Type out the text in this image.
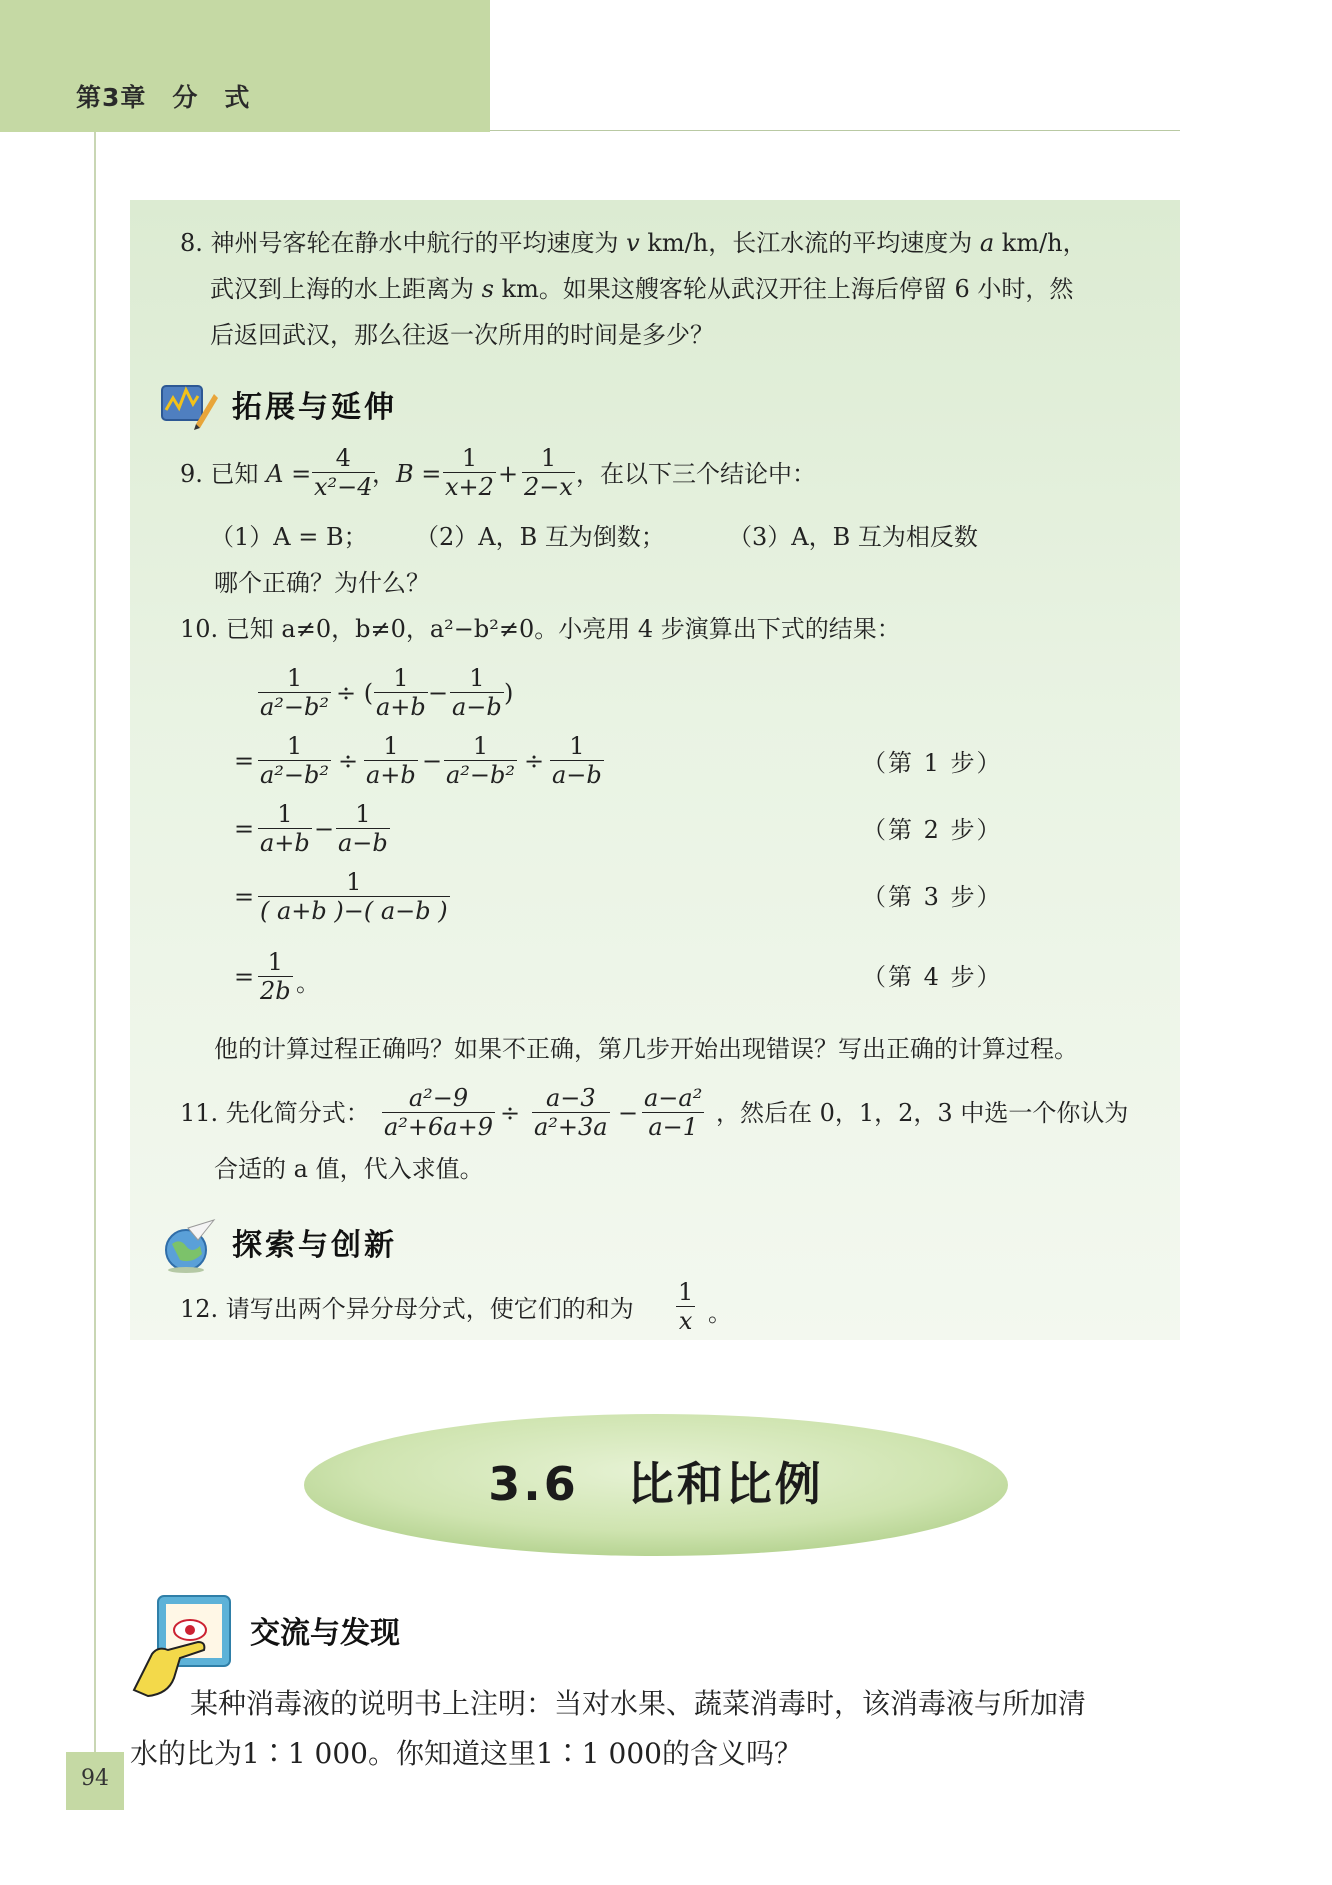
第3章　分　式
8. 神州号客轮在静水中航行的平均速度为 v km/h，长江水流的平均速度为 a km/h，
武汉到上海的水上距离为 s km。如果这艘客轮从武汉开往上海后停留 6 小时，然
后返回武汉，那么往返一次所用的时间是多少？
拓展与延伸
9. 已知 A =
4
x²−4 ，B =
1
x+2 +
1
2−x ，在以下三个结论中：
（1）A = B； （2）A，B 互为倒数；	（3）A，B 互为相反数
哪个正确？为什么？
10. 已知 a≠0，b≠0，a²−b²≠0。小亮用 4 步演算出下式的结果：
1
a²−b² ÷ (
1
a+b −
1
a−b )
=
1
a²−b² ÷
1
a+b −
1
a²−b² ÷
1
a−b
=
1
a+b −
1
a−b
=
1
( a+b )−( a−b )
=
1
2b 。
（第 1 步）
（第 2 步）
（第 3 步）
（第 4 步）
他的计算过程正确吗？如果不正确，第几步开始出现错误？写出正确的计算过程。
11. 先化简分式：
a²−9
a²+6a+9 ÷
a−3
a²+3a −
a−a²
a−1 ，然后在 0，1，2，3 中选一个你认为
合适的 a 值，代入求值。
探索与创新
12. 请写出两个异分母分式，使它们的和为
1
x 。
3.6　比和比例
交流与发现
某种消毒液的说明书上注明：当对水果、蔬菜消毒时，该消毒液与所加清
水的比为1∶1 000。你知道这里1∶1 000的含义吗？
94
